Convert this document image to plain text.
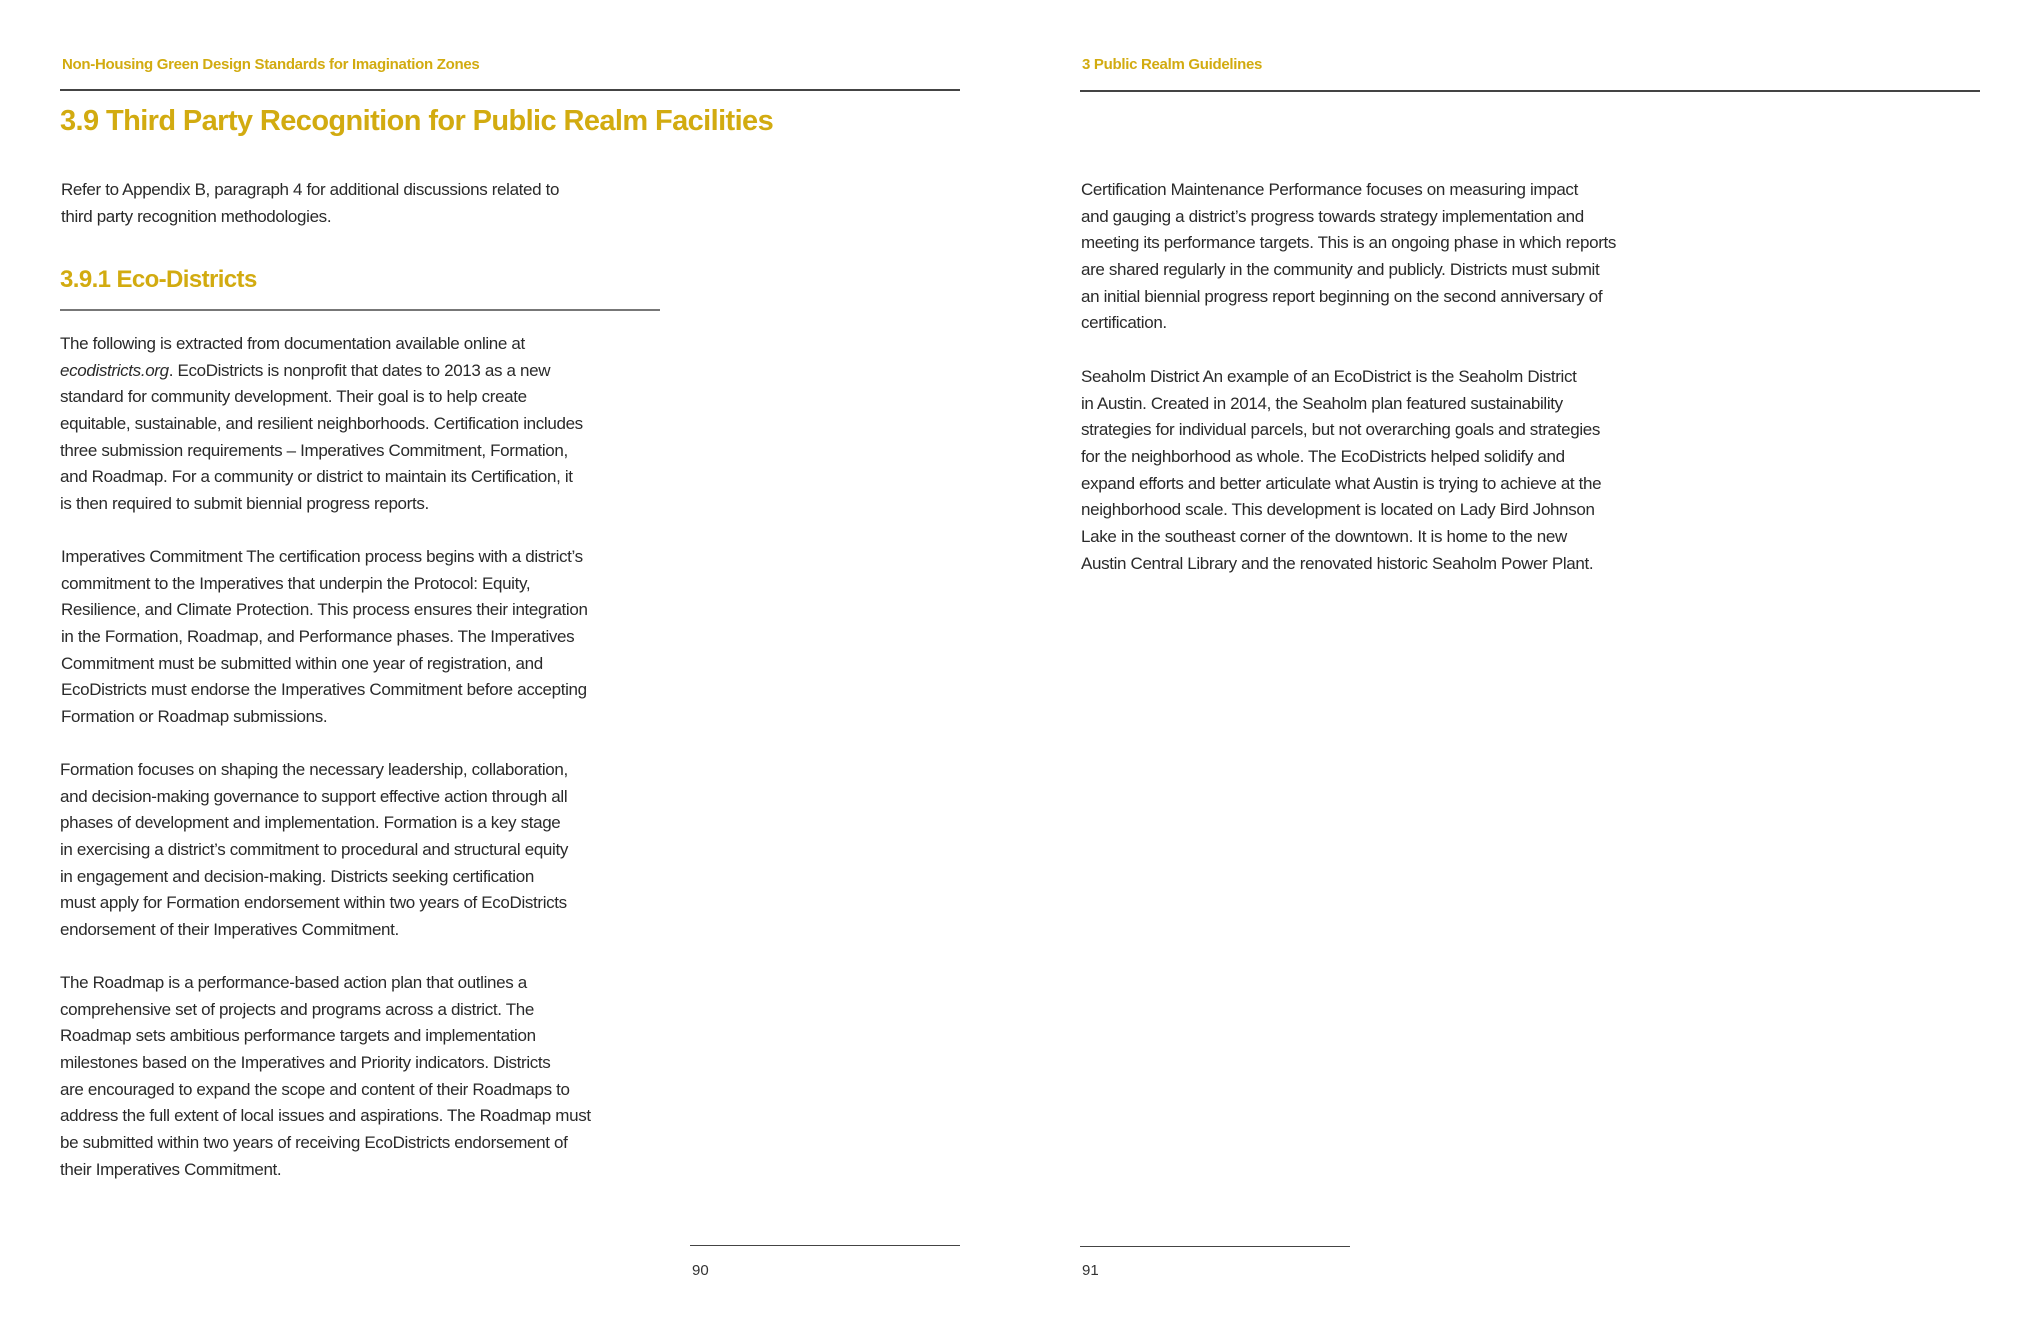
Non-Housing Green Design Standards for Imagination Zones
3.9 Third Party Recognition for Public Realm Facilities
Refer to Appendix B, paragraph 4 for additional discussions related to
third party recognition methodologies.
3.9.1 Eco-Districts
The following is extracted from documentation available online at
ecodistricts.org. EcoDistricts is nonprofit that dates to 2013 as a new
standard for community development. Their goal is to help create
equitable, sustainable, and resilient neighborhoods. Certification includes
three submission requirements – Imperatives Commitment, Formation,
and Roadmap. For a community or district to maintain its Certification, it
is then required to submit biennial progress reports.
Imperatives Commitment The certification process begins with a district’s
commitment to the Imperatives that underpin the Protocol: Equity,
Resilience, and Climate Protection. This process ensures their integration
in the Formation, Roadmap, and Performance phases. The Imperatives
Commitment must be submitted within one year of registration, and
EcoDistricts must endorse the Imperatives Commitment before accepting
Formation or Roadmap submissions.
Formation focuses on shaping the necessary leadership, collaboration,
and decision-making governance to support effective action through all
phases of development and implementation. Formation is a key stage
in exercising a district’s commitment to procedural and structural equity
in engagement and decision-making. Districts seeking certification
must apply for Formation endorsement within two years of EcoDistricts
endorsement of their Imperatives Commitment.
The Roadmap is a performance-based action plan that outlines a
comprehensive set of projects and programs across a district. The
Roadmap sets ambitious performance targets and implementation
milestones based on the Imperatives and Priority indicators. Districts
are encouraged to expand the scope and content of their Roadmaps to
address the full extent of local issues and aspirations. The Roadmap must
be submitted within two years of receiving EcoDistricts endorsement of
their Imperatives Commitment.
90
3 Public Realm Guidelines
Certification Maintenance Performance focuses on measuring impact
and gauging a district’s progress towards strategy implementation and
meeting its performance targets. This is an ongoing phase in which reports
are shared regularly in the community and publicly. Districts must submit
an initial biennial progress report beginning on the second anniversary of
certification.
Seaholm District An example of an EcoDistrict is the Seaholm District
in Austin. Created in 2014, the Seaholm plan featured sustainability
strategies for individual parcels, but not overarching goals and strategies
for the neighborhood as whole. The EcoDistricts helped solidify and
expand efforts and better articulate what Austin is trying to achieve at the
neighborhood scale. This development is located on Lady Bird Johnson
Lake in the southeast corner of the downtown. It is home to the new
Austin Central Library and the renovated historic Seaholm Power Plant.
91
